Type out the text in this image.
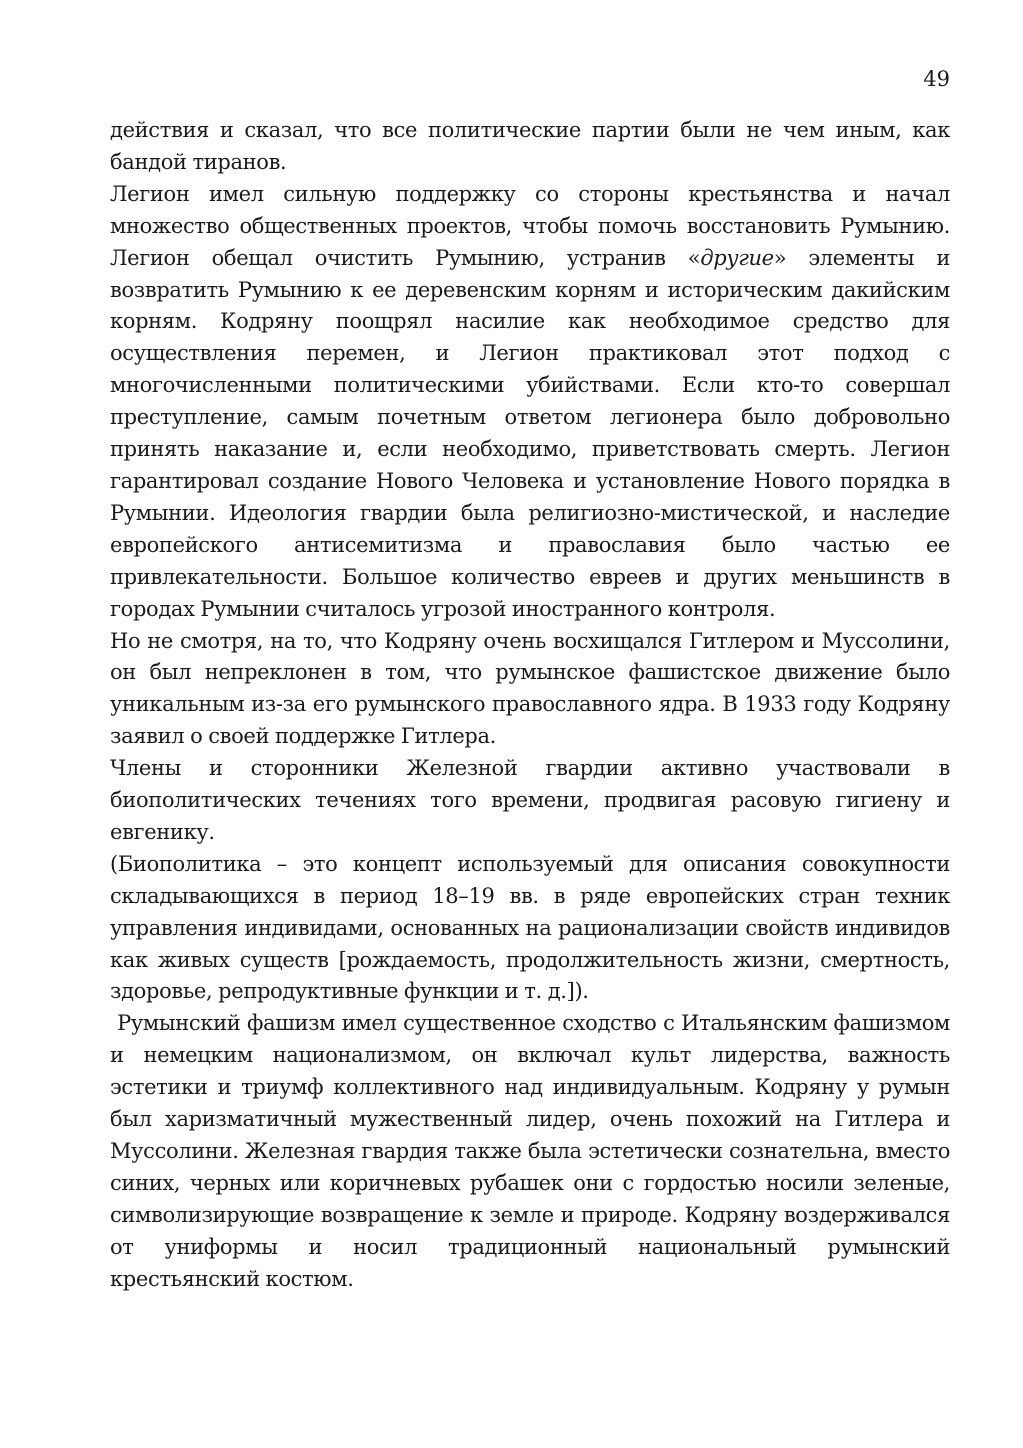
49

действия и сказал, что все политические партии были не чем иным, как бандой тиранов.

Легион имел сильную поддержку со стороны крестьянства и начал множество общественных проектов, чтобы помочь восстановить Румынию. Легион обещал очистить Румынию, устранив «другие» элементы и возвратить Румынию к ее деревенским корням и историческим дакийским корням. Кодряну поощрял насилие как необходимое средство для осуществления перемен, и Легион практиковал этот подход с многочисленными политическими убийствами. Если кто-то совершал преступление, самым почетным ответом легионера было добровольно принять наказание и, если необходимо, приветствовать смерть. Легион гарантировал создание Нового Человека и установление Нового порядка в Румынии. Идеология гвардии была религиозно-мистической, и наследие европейского антисемитизма и православия было частью ее привлекательности. Большое количество евреев и других меньшинств в городах Румынии считалось угрозой иностранного контроля.

Но не смотря, на то, что Кодряну очень восхищался Гитлером и Муссолини, он был непреклонен в том, что румынское фашистское движение было уникальным из-за его румынского православного ядра. В 1933 году Кодряну заявил о своей поддержке Гитлера.

Члены и сторонники Железной гвардии активно участвовали в биополитических течениях того времени, продвигая расовую гигиену и евгенику.

(Биополитика – это концепт используемый для описания совокупности складывающихся в период 18–19 вв. в ряде европейских стран техник управления индивидами, основанных на рационализации свойств индивидов как живых существ [рождаемость, продолжительность жизни, смертность, здоровье, репродуктивные функции и т. д.]).

Румынский фашизм имел существенное сходство с Итальянским фашизмом и немецким национализмом, он включал культ лидерства, важность эстетики и триумф коллективного над индивидуальным. Кодряну у румын был харизматичный мужественный лидер, очень похожий на Гитлера и Муссолини. Железная гвардия также была эстетически сознательна, вместо синих, черных или коричневых рубашек они с гордостью носили зеленые, символизирующие возвращение к земле и природе. Кодряну воздерживался от униформы и носил традиционный национальный румынский крестьянский костюм.
